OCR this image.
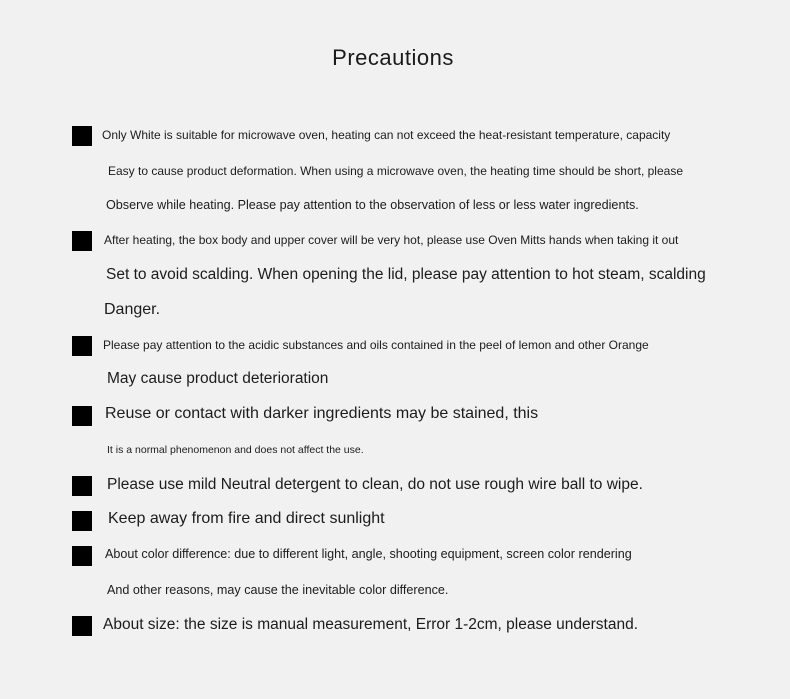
Precautions
Only White is suitable for microwave oven, heating can not exceed the heat-resistant temperature, capacity
Easy to cause product deformation. When using a microwave oven, the heating time should be short, please
Observe while heating. Please pay attention to the observation of less or less water ingredients.
After heating, the box body and upper cover will be very hot, please use Oven Mitts hands when taking it out
Set to avoid scalding. When opening the lid, please pay attention to hot steam, scalding
Danger.
Please pay attention to the acidic substances and oils contained in the peel of lemon and other Orange
May cause product deterioration
Reuse or contact with darker ingredients may be stained, this
It is a normal phenomenon and does not affect the use.
Please use mild Neutral detergent to clean, do not use rough wire ball to wipe.
Keep away from fire and direct sunlight
About color difference: due to different light, angle, shooting equipment, screen color rendering
And other reasons, may cause the inevitable color difference.
About size: the size is manual measurement, Error 1-2cm, please understand.
